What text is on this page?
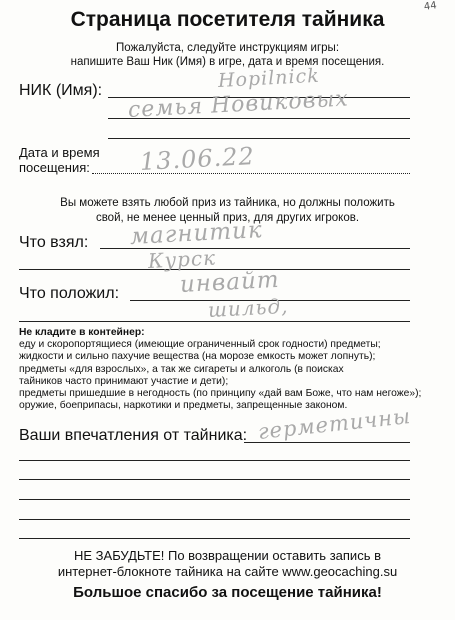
44
Страница посетителя тайника
Пожалуйста, следуйте инструкциям игры:
напишите Ваш Ник (Имя) в игре, дата и время посещения.
НИК (Имя):	Hopilnick
семья Новиковых
Дата и время
посещения: 13.06.22
Вы можете взять любой приз из тайника, но должны положить
свой, не менее ценный приз, для других игроков.
Что взял: магнитик
Курск
Что положил:	инвайт
шильд,
Не кладите в контейнер:
еду и скоропортящиеся (имеющие ограниченный срок годности) предметы;
жидкости и сильно пахучие вещества (на морозе емкость может лопнуть);
предметы «для взрослых», а так же сигареты и алкоголь (в поисках
тайников часто принимают участие и дети);
предметы пришедшие в негодность (по принципу «дай вам Боже, что нам негоже»);
оружие, боеприпасы, наркотики и предметы, запрещенные законом.
Ваши впечатления от тайника: герметичны
НЕ ЗАБУДЬТЕ! По возвращении оставить запись в
интернет-блокноте тайника на сайте www.geocaching.su
Большое спасибо за посещение тайника!
